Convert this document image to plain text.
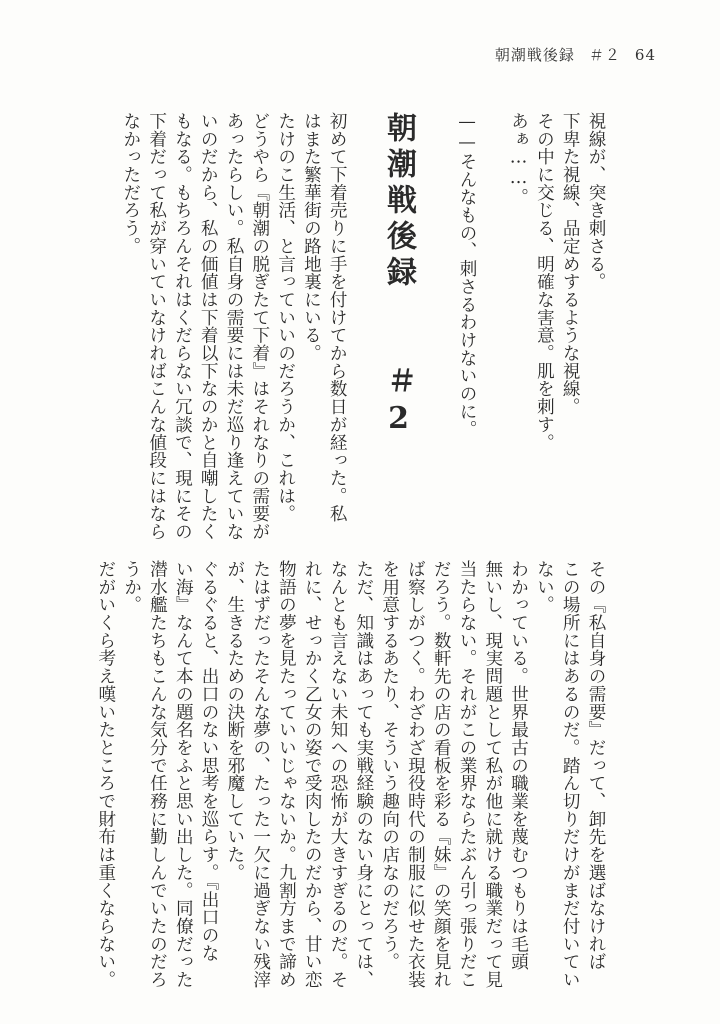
朝潮戦後録 ＃２ 64

視線が、突き刺さる。

下卑た視線、品定めするような視線。

その中に交じる、明確な害意。肌を刺す。

あぁ……。

——そんなもの、刺さるわけないのに。

初めて下着売りに手を付けてから数日が経った。私

はまた繁華街の路地裏にいる。

たけのこ生活、と言っていいのだろうか、これは。

どうやら『朝潮の脱ぎたて下着』はそれなりの需要が

あったらしい。私自身の需要には未だ巡り逢えていな

いのだから、私の価値は下着以下なのかと自嘲したく

もなる。もちろんそれはくだらない冗談で、現にその

下着だって私が穿いていなければこんな値段にはなら

なかっただろう。	朝潮戦後録
＃2

その『私自身の需要』だって、卸先を選ばなければ

この場所にはあるのだ。踏ん切りだけがまだ付いてい

ない。

わかっている。世界最古の職業を蔑むつもりは毛頭

無いし、現実問題として私が他に就ける職業だって見

当たらない。それがこの業界ならたぶん引っ張りだこ

だろう。数軒先の店の看板を彩る『妹』の笑顔を見れ

ば察しがつく。わざわざ現役時代の制服に似せた衣装

を用意するあたり、そういう趣向の店なのだろう。

ただ、知識はあっても実戦経験のない身にとっては、

なんとも言えない未知への恐怖が大きすぎるのだ。そ

れに、せっかく乙女の姿で受肉したのだから、甘い恋

物語の夢を見たっていいじゃないか。九割方まで諦め

たはずだったそんな夢の、たった一欠に過ぎない残滓

が、生きるための決断を邪魔していた。

ぐるぐると、出口のない思考を巡らす。『出口のな

い海』なんて本の題名をふと思い出した。同僚だった

潜水艦たちもこんな気分で任務に勤しんでいたのだろ

うか。

だがいくら考え嘆いたところで財布は重くならない。
